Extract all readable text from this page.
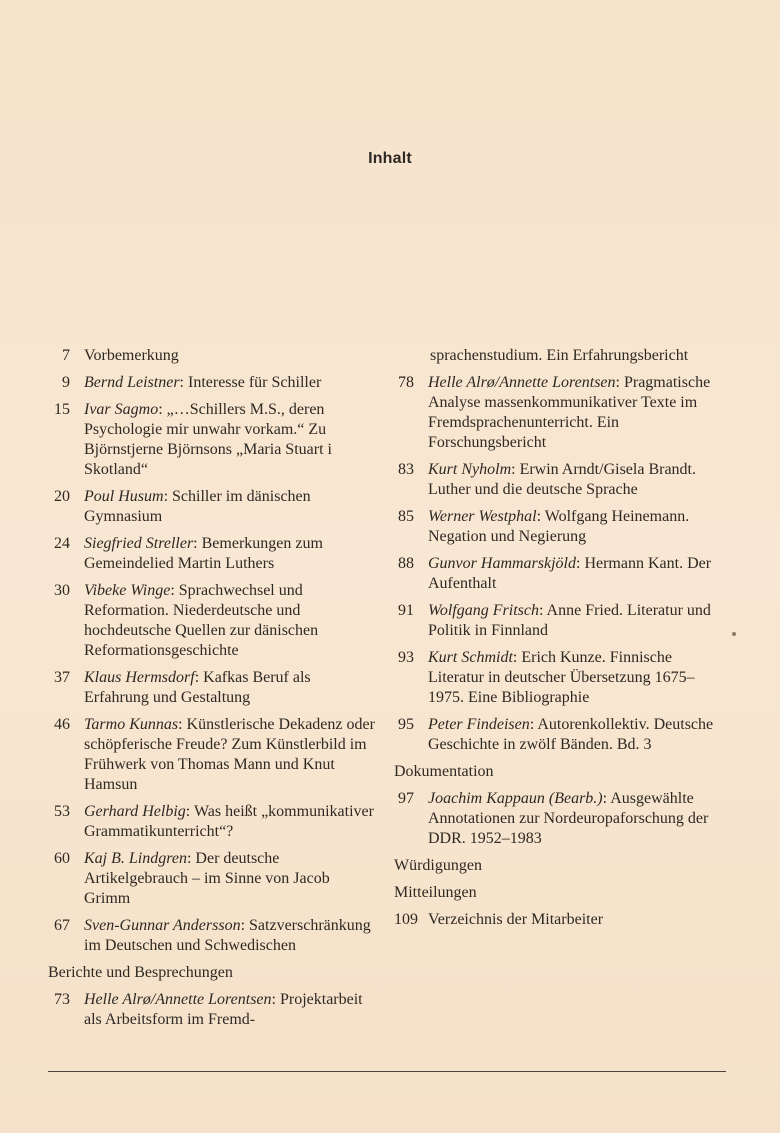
Inhalt
7 Vorbemerkung
9 Bernd Leistner: Interesse für Schiller
15 Ivar Sagmo: „…Schillers M.S., deren Psychologie mir unwahr vorkam.“ Zu Björnstjerne Björnsons „Maria Stuart i Skotland“
20 Poul Husum: Schiller im dänischen Gymnasium
24 Siegfried Streller: Bemerkungen zum Gemeindelied Martin Luthers
30 Vibeke Winge: Sprachwechsel und Reformation. Niederdeutsche und hochdeutsche Quellen zur dänischen Reformationsgeschichte
37 Klaus Hermsdorf: Kafkas Beruf als Erfahrung und Gestaltung
46 Tarmo Kunnas: Künstlerische Dekadenz oder schöpferische Freude? Zum Künstlerbild im Frühwerk von Thomas Mann und Knut Hamsun
53 Gerhard Helbig: Was heißt „kommunikativer Grammatikunterricht“?
60 Kaj B. Lindgren: Der deutsche Artikelgebrauch – im Sinne von Jacob Grimm
67 Sven-Gunnar Andersson: Satzverschränkung im Deutschen und Schwedischen
Berichte und Besprechungen
73 Helle Alrø/Annette Lorentsen: Projektarbeit als Arbeitsform im Fremd-
sprachenstudium. Ein Erfahrungsbericht
78 Helle Alrø/Annette Lorentsen: Pragmatische Analyse massenkommunikativer Texte im Fremdsprachenunterricht. Ein Forschungsbericht
83 Kurt Nyholm: Erwin Arndt/Gisela Brandt. Luther und die deutsche Sprache
85 Werner Westphal: Wolfgang Heinemann. Negation und Negierung
88 Gunvor Hammarskjöld: Hermann Kant. Der Aufenthalt
91 Wolfgang Fritsch: Anne Fried. Literatur und Politik in Finnland
93 Kurt Schmidt: Erich Kunze. Finnische Literatur in deutscher Übersetzung 1675–1975. Eine Bibliographie
95 Peter Findeisen: Autorenkollektiv. Deutsche Geschichte in zwölf Bänden. Bd. 3
Dokumentation
97 Joachim Kappaun (Bearb.): Ausgewählte Annotationen zur Nordeuropaforschung der DDR. 1952–1983
Würdigungen
Mitteilungen
109 Verzeichnis der Mitarbeiter
